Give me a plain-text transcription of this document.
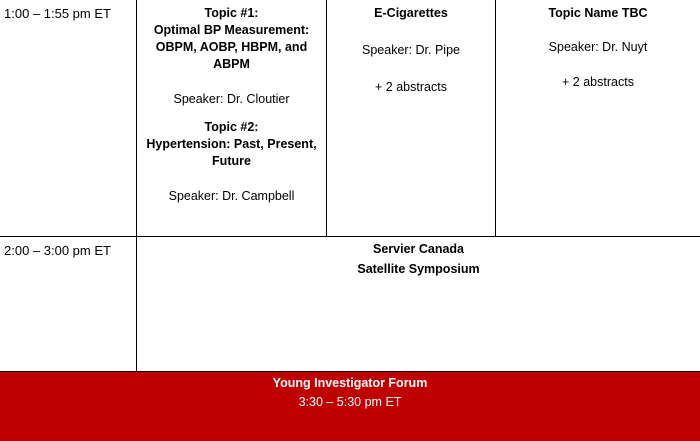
1:00 – 1:55 pm ET	Topic #1:

Optimal BP Measurement:

OBPM, AOBP, HBPM, and

ABPM

Speaker: Dr. Cloutier

Topic #2:

Hypertension: Past, Present,

Future

Speaker: Dr. Campbell

E-Cigarettes

Speaker: Dr. Pipe

+ 2 abstracts

Topic Name TBC

Speaker: Dr. Nuyt

+ 2 abstracts

2:00 – 3:00 pm ET	Servier Canada

Satellite Symposium

Young Investigator Forum

3:30 – 5:30 pm ET
